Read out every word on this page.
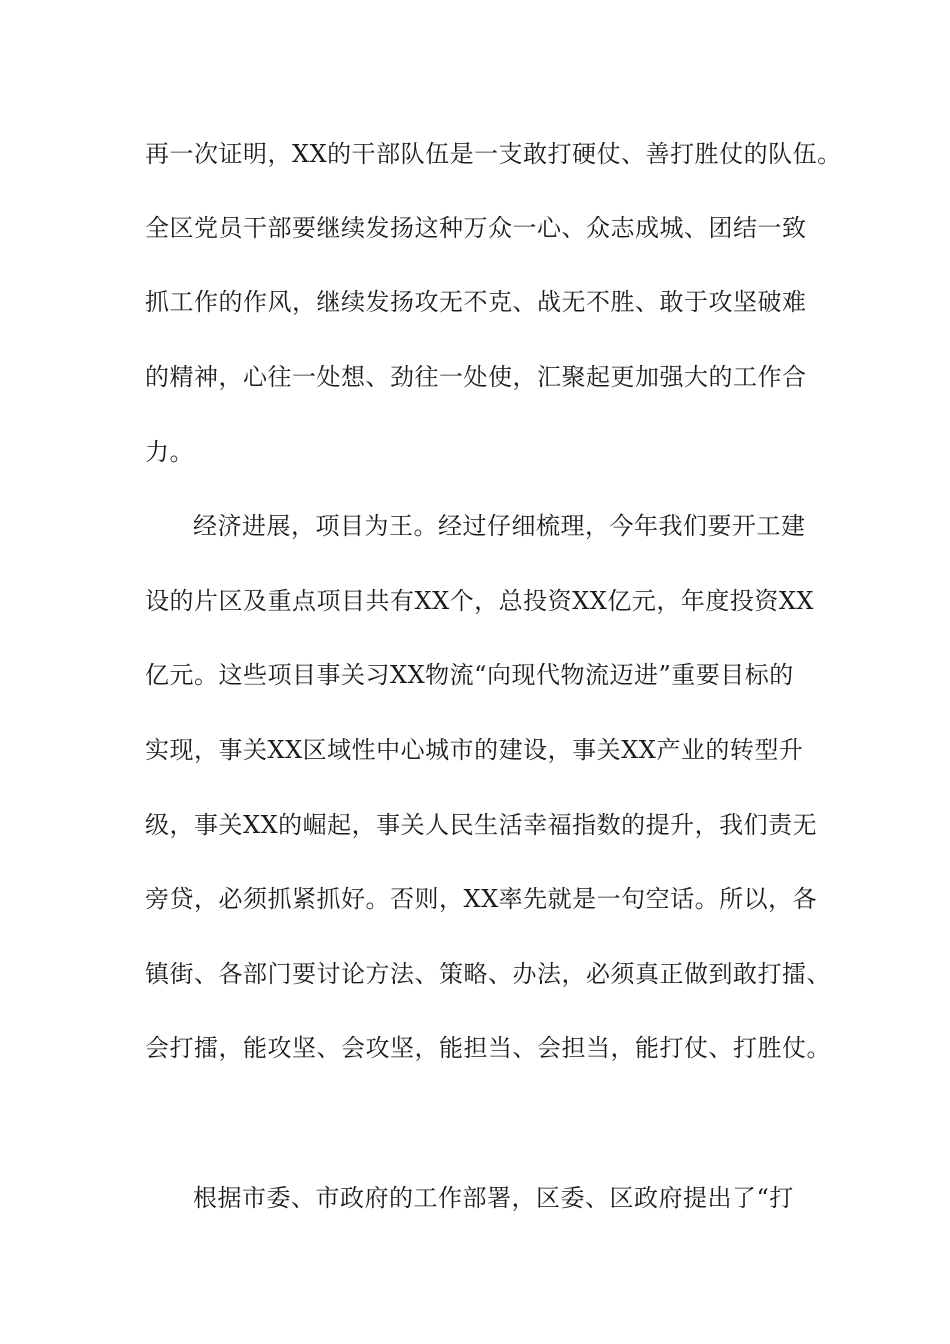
再一次证明，XX的干部队伍是一支敢打硬仗、善打胜仗的队伍。
全区党员干部要继续发扬这种万众一心、众志成城、团结一致
抓工作的作风，继续发扬攻无不克、战无不胜、敢于攻坚破难
的精神，心往一处想、劲往一处使，汇聚起更加强大的工作合
力。
经济进展，项目为王。经过仔细梳理，今年我们要开工建
设的片区及重点项目共有XX个，总投资XX亿元，年度投资XX
亿元。这些项目事关习XX物流“向现代物流迈进”重要目标的
实现，事关XX区域性中心城市的建设，事关XX产业的转型升
级，事关XX的崛起，事关人民生活幸福指数的提升，我们责无
旁贷，必须抓紧抓好。否则，XX率先就是一句空话。所以，各
镇街、各部门要讨论方法、策略、办法，必须真正做到敢打擂、
会打擂，能攻坚、会攻坚，能担当、会担当，能打仗、打胜仗。
根据市委、市政府的工作部署，区委、区政府提出了“打
